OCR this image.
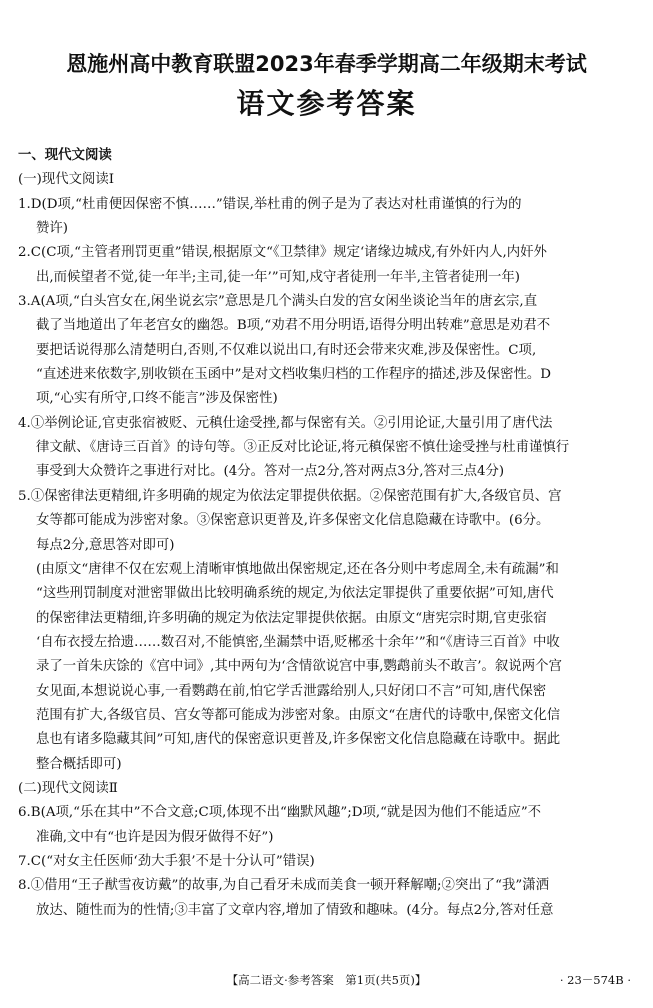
恩施州高中教育联盟2023年春季学期高二年级期末考试
语文参考答案

一、现代文阅读

(一)现代文阅读Ⅰ

1.D(D项,“杜甫便因保密不慎……”错误,举杜甫的例子是为了表达对杜甫谨慎的行为的

赞许)

2.C(C项,“主管者刑罚更重”错误,根据原文“《卫禁律》规定‘诸缘边城戍,有外奸内人,内奸外

出,而候望者不觉,徒一年半;主司,徒一年’”可知,戍守者徒刑一年半,主管者徒刑一年)

3.A(A项,“白头宫女在,闲坐说玄宗”意思是几个满头白发的宫女闲坐谈论当年的唐玄宗,直

截了当地道出了年老宫女的幽怨。B项,“劝君不用分明语,语得分明出转难”意思是劝君不

要把话说得那么清楚明白,否则,不仅难以说出口,有时还会带来灾难,涉及保密性。C项,

“直述进来依数字,别收锁在玉函中”是对文档收集归档的工作程序的描述,涉及保密性。D

项,“心实有所守,口终不能言”涉及保密性)

4.①举例论证,官吏张宿被贬、元稹仕途受挫,都与保密有关。②引用论证,大量引用了唐代法

律文献、《唐诗三百首》的诗句等。③正反对比论证,将元稹保密不慎仕途受挫与杜甫谨慎行

事受到大众赞许之事进行对比。(4分。答对一点2分,答对两点3分,答对三点4分)

5.①保密律法更精细,许多明确的规定为依法定罪提供依据。②保密范围有扩大,各级官员、宫

女等都可能成为涉密对象。③保密意识更普及,许多保密文化信息隐藏在诗歌中。(6分。

每点2分,意思答对即可)

(由原文“唐律不仅在宏观上清晰审慎地做出保密规定,还在各分则中考虑周全,未有疏漏”和

“这些刑罚制度对泄密罪做出比较明确系统的规定,为依法定罪提供了重要依据”可知,唐代

的保密律法更精细,许多明确的规定为依法定罪提供依据。由原文“唐宪宗时期,官吏张宿

‘自布衣授左拾遗……数召对,不能慎密,坐漏禁中语,贬郴丞十余年’”和“《唐诗三百首》中收

录了一首朱庆馀的《宫中词》,其中两句为‘含情欲说宫中事,鹦鹉前头不敢言’。叙说两个宫

女见面,本想说说心事,一看鹦鹉在前,怕它学舌泄露给别人,只好闭口不言”可知,唐代保密

范围有扩大,各级官员、宫女等都可能成为涉密对象。由原文“在唐代的诗歌中,保密文化信

息也有诸多隐藏其间”可知,唐代的保密意识更普及,许多保密文化信息隐藏在诗歌中。据此

整合概括即可)

(二)现代文阅读Ⅱ

6.B(A项,“乐在其中”不合文意;C项,体现不出“幽默风趣”;D项,“就是因为他们不能适应”不

准确,文中有“也许是因为假牙做得不好”)

7.C(“对女主任医师‘劲大手狠’不是十分认可”错误)

8.①借用“王子猷雪夜访戴”的故事,为自己看牙未成而美食一顿开释解嘲;②突出了“我”潇洒

放达、随性而为的性情;③丰富了文章内容,增加了情致和趣味。(4分。每点2分,答对任意

【高二语文·参考答案　第1页(共5页)】	· 23－574B ·
